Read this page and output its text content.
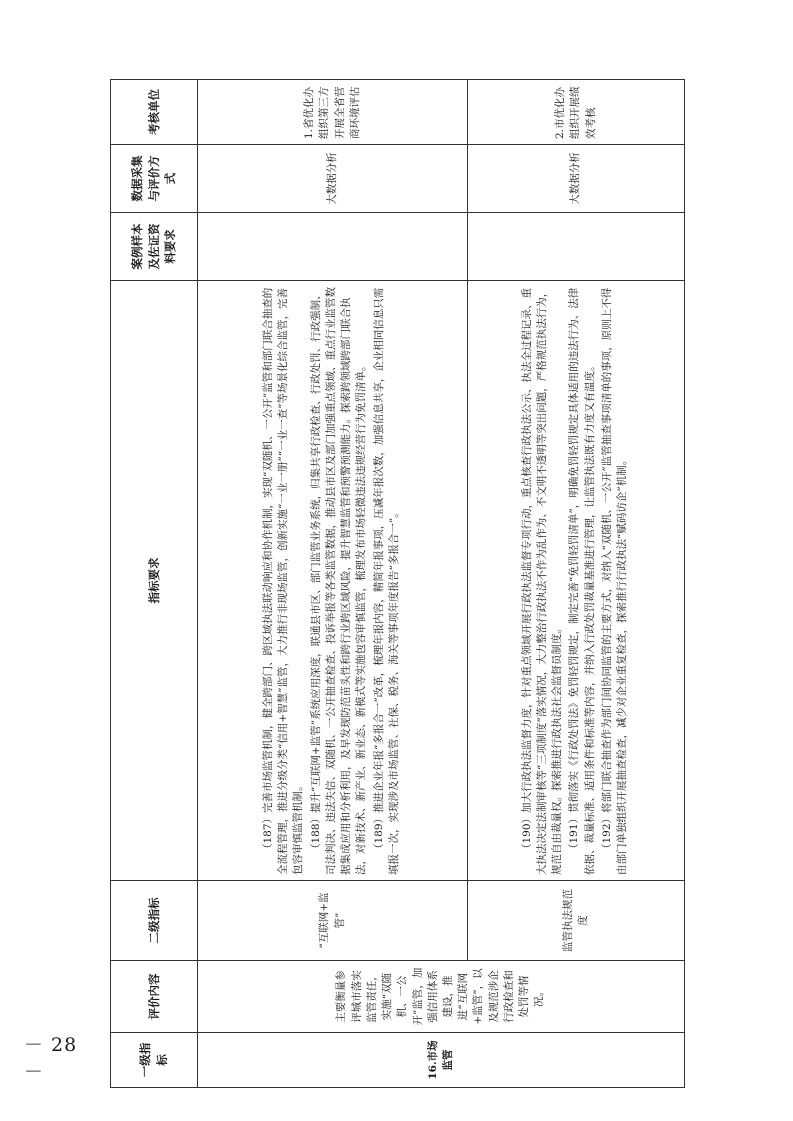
－ 28 －	一级指标	评价内容	二级指标	指标要求	案例样本及佐证资料要求	数据采集与评价方式	考核单位
16.市场监管	主要衡量参评城市落实监管责任，实施“双随机、一公开”监管，加强信用体系建设，推进“互联网+监管”，以及规范涉企行政检查和处罚等情况。	“互联网+监管”	（187）完善市场监管机制，健全跨部门、跨区域执法联动响应和协作机制，实现“双随机、一公开”监管和部门联合抽查的全流程管理，推进分级分类“信用+智慧”监管，大力推行非现场监管，创新实施“一业一册”“一业一查”等场景化综合监管，完善包容审慎监管机制。 （188）提升“互联网+监管”系统应用深度，联通县市区、部门监管业务系统，归集共享行政检查、行政处罚、行政强制、司法判决、违法失信、双随机、一公开抽查检查、投诉举报等各类监管数据，推动县市区及部门加强重点领域、重点行业监管数据集成应用和分析利用，及早发现防范苗头性和跨行业跨区域风险，提升智慧监管和预警预测能力。探索跨领域跨部门联合执法，对新技术、新产业、新业态、新模式等实施包容审慎监管，梳理发布市场轻微违法违规经营行为免罚清单。 （189）推进企业年报“多报合一”改革，梳理年报内容，精简年报事项，压减年报次数，加强信息共享，企业相同信息只需填报一次，实现涉及市场监管、社保、税务、海关等事项年度报告“多报合一”。		大数据分析	1.省优化办组织第三方开展全省营商环境评估

		监管执法规范度	（190）加大行政执法监督力度，针对重点领域开展行政执法监督专项行动，重点核查行政执法公示、执法全过程记录、重大执法决定法制审核等“三项制度”落实情况，大力整治行政执法不作为乱作为、不文明不透明等突出问题，严格规范执法行为，规范自由裁量权。探索推进行政执法社会监督员制度。 （191）贯彻落实《行政处罚法》免罚轻罚规定，制定完善“免罚轻罚清单”，明确免罚轻罚规定具体适用的违法行为、法律依据、裁量标准、适用条件和标准等内容，并纳入行政处罚裁量基准进行管理，让监管执法既有力度又有温度。 （192）将部门联合抽查作为部门间协同监管的主要方式，对纳入“双随机、一公开”监管抽查事项清单的事项，原则上不得由部门单独组织开展抽查检查，减少对企业重复检查，探索推行行政执法“赋码访企”机制。		大数据分析	2.市优化办组织开展绩效考核
